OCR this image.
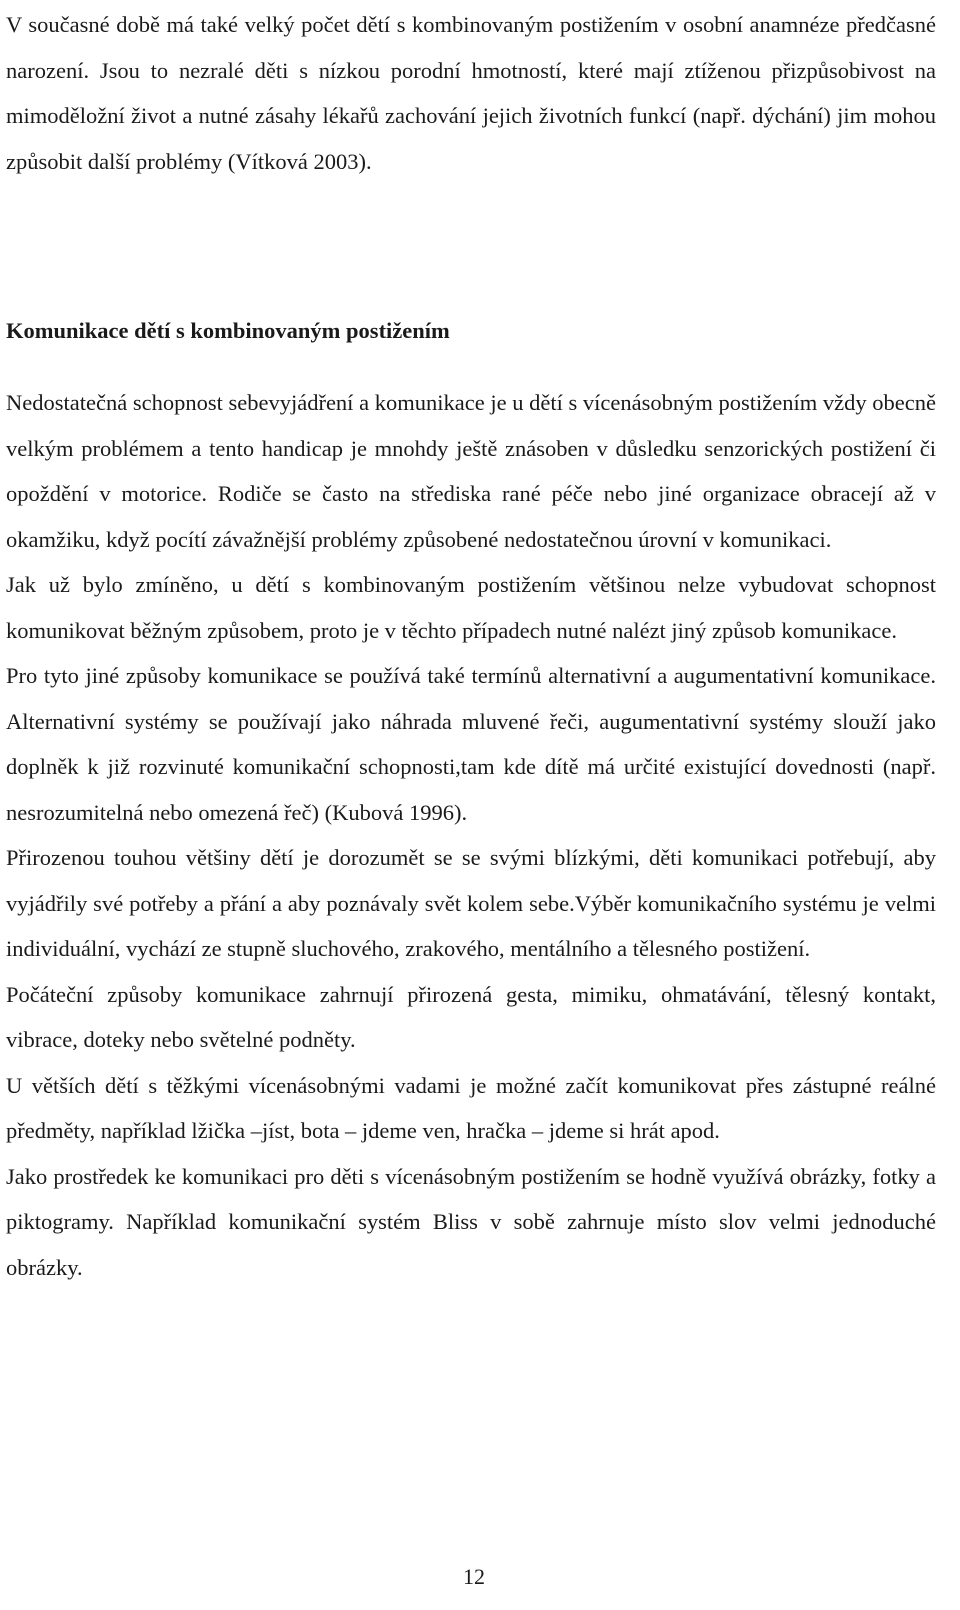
V současné době má také velký počet dětí s kombinovaným postižením v osobní anamnéze předčasné narození. Jsou to nezralé děti s nízkou porodní hmotností, které mají ztíženou přizpůsobivost na mimoděložní život a nutné zásahy lékařů zachování jejich životních funkcí (např. dýchání) jim mohou způsobit další problémy (Vítková 2003).

Komunikace dětí s kombinovaným postižením

Nedostatečná schopnost sebevyjádření a komunikace je u dětí s vícenásobným postižením vždy obecně velkým problémem a tento handicap je mnohdy ještě znásoben v důsledku senzorických postižení či opoždění v motorice. Rodiče se často na střediska rané péče nebo jiné organizace obracejí až v okamžiku, když pocítí závažnější problémy způsobené nedostatečnou úrovní v komunikaci.

Jak už bylo zmíněno, u dětí s kombinovaným postižením většinou nelze vybudovat schopnost komunikovat běžným způsobem, proto je v těchto případech nutné nalézt jiný způsob komunikace.

Pro tyto jiné způsoby komunikace se používá také termínů alternativní a augumentativní komunikace. Alternativní systémy se používají jako náhrada mluvené řeči, augumentativní systémy slouží jako doplněk k již rozvinuté komunikační schopnosti,tam kde dítě má určité existující dovednosti (např. nesrozumitelná nebo omezená řeč) (Kubová 1996).

Přirozenou touhou většiny dětí je dorozumět se se svými blízkými, děti komunikaci potřebují, aby vyjádřily své potřeby a přání a aby poznávaly svět kolem sebe.Výběr komunikačního systému je velmi individuální, vychází ze stupně sluchového, zrakového, mentálního a tělesného postižení.

Počáteční způsoby komunikace zahrnují přirozená gesta, mimiku, ohmatávání, tělesný kontakt, vibrace, doteky nebo světelné podněty.

U větších dětí s těžkými vícenásobnými vadami je možné začít komunikovat přes zástupné reálné předměty, například lžička –jíst, bota – jdeme ven, hračka – jdeme si hrát apod.

Jako prostředek ke komunikaci pro děti s vícenásobným postižením se hodně využívá obrázky, fotky a piktogramy. Například komunikační systém Bliss v sobě zahrnuje místo slov velmi jednoduché obrázky.

12
